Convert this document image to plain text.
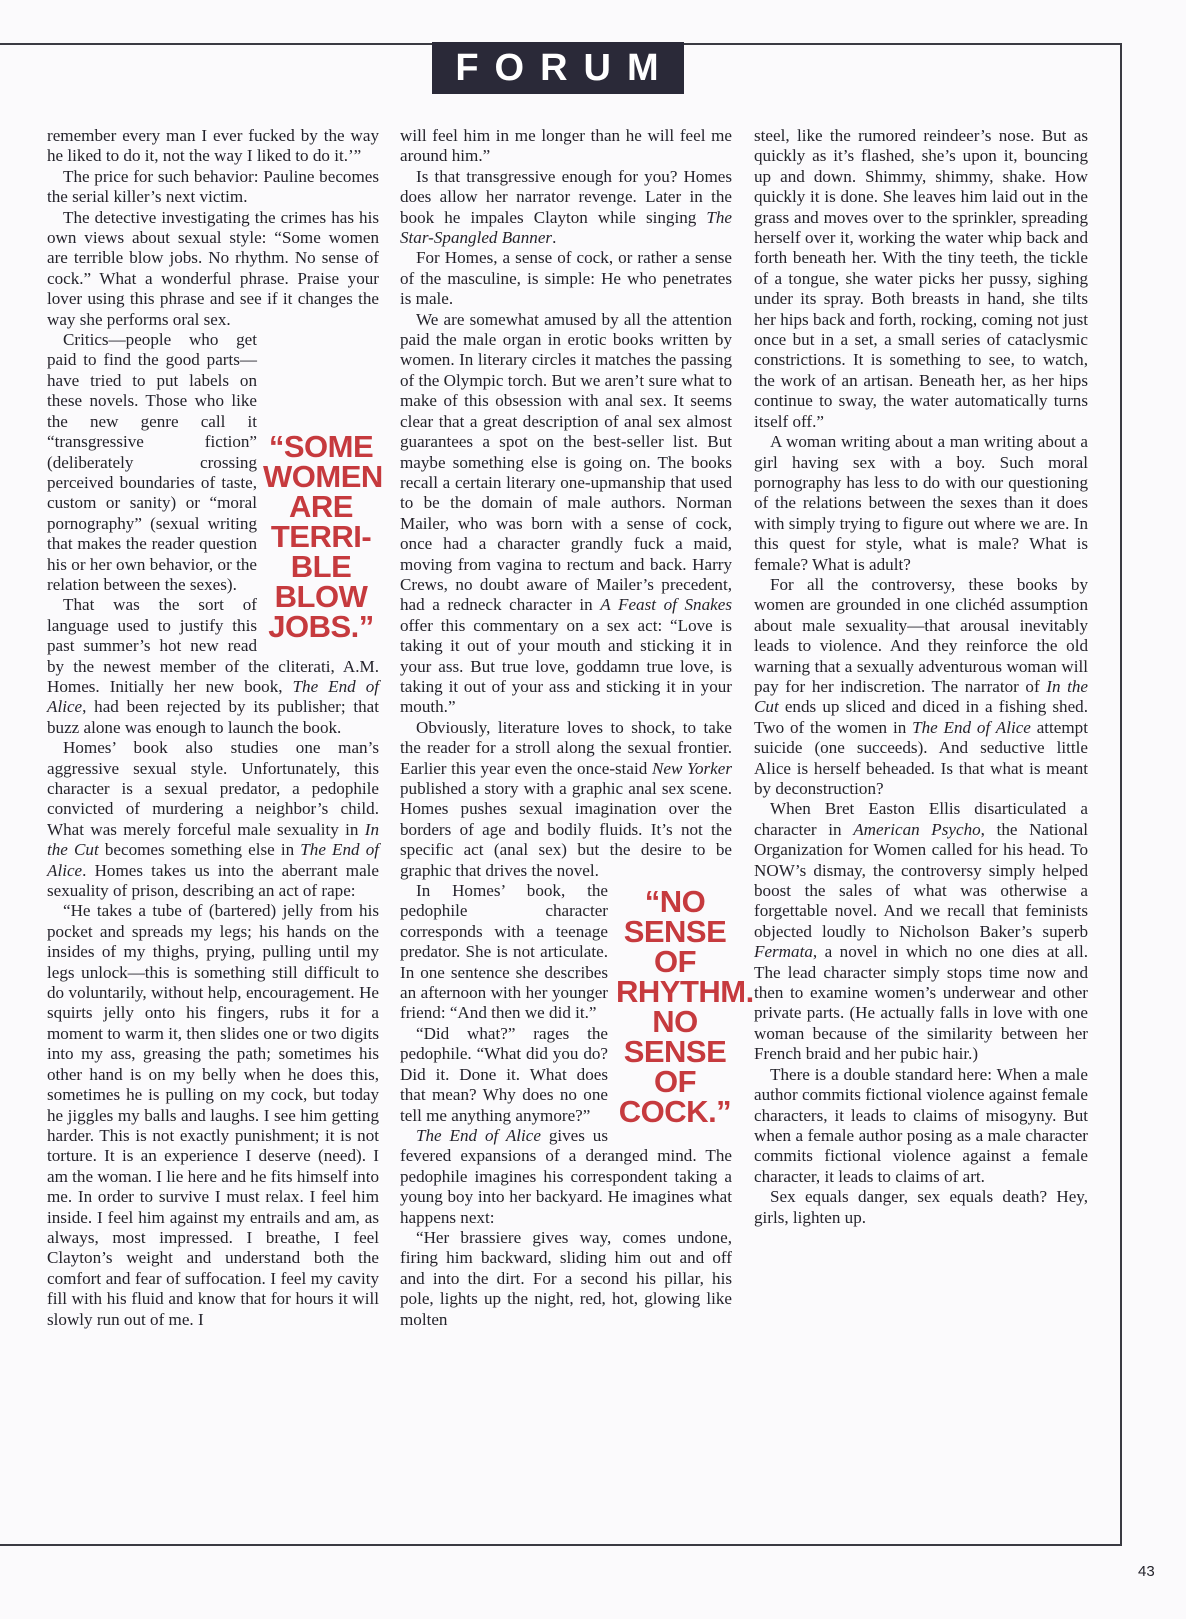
FORUM

remember every man I ever fucked by the way he liked to do it, not the way I liked to do it.’”

The price for such behavior: Pauline becomes the serial killer’s next victim.

The detective investigating the crimes has his own views about sexual style: “Some women are terrible blow jobs. No rhythm. No sense of cock.” What a wonderful phrase. Praise your lover using this phrase and see if it changes the way she performs oral sex.

“SOME
WOMEN
ARE
TERRI-
BLE
BLOW
JOBS.”

Critics—people who get paid to find the good parts—have tried to put labels on these novels. Those who like the new genre call it “transgressive fiction” (deliberately crossing perceived boundaries of taste, custom or sanity) or “moral pornography” (sexual writing that makes the reader question his or her own behavior, or the relation between the sexes).

That was the sort of language used to justify this past summer’s hot new read by the newest member of the cliterati, A.M. Homes. Initially her new book, The End of Alice, had been rejected by its publisher; that buzz alone was enough to launch the book.

Homes’ book also studies one man’s aggressive sexual style. Unfortunately, this character is a sexual predator, a pedophile convicted of murdering a neighbor’s child. What was merely forceful male sexuality in In the Cut becomes something else in The End of Alice. Homes takes us into the aberrant male sexuality of prison, describing an act of rape:

“He takes a tube of (bartered) jelly from his pocket and spreads my legs; his hands on the insides of my thighs, prying, pulling until my legs unlock—this is something still difficult to do voluntarily, without help, encouragement. He squirts jelly onto his fingers, rubs it for a moment to warm it, then slides one or two digits into my ass, greasing the path; sometimes his other hand is on my belly when he does this, sometimes he is pulling on my cock, but today he jiggles my balls and laughs. I see him getting harder. This is not exactly punishment; it is not torture. It is an experience I deserve (need). I am the woman. I lie here and he fits himself into me. In order to survive I must relax. I feel him inside. I feel him against my entrails and am, as always, most impressed. I breathe, I feel Clayton’s weight and understand both the comfort and fear of suffocation. I feel my cavity fill with his fluid and know that for hours it will slowly run out of me. I

will feel him in me longer than he will feel me around him.”

Is that transgressive enough for you? Homes does allow her narrator revenge. Later in the book he impales Clayton while singing The Star-Spangled Banner.

For Homes, a sense of cock, or rather a sense of the masculine, is simple: He who penetrates is male.

We are somewhat amused by all the attention paid the male organ in erotic books written by women. In literary circles it matches the passing of the Olympic torch. But we aren’t sure what to make of this obsession with anal sex. It seems clear that a great description of anal sex almost guarantees a spot on the best-seller list. But maybe something else is going on. The books recall a certain literary one-upmanship that used to be the domain of male authors. Norman Mailer, who was born with a sense of cock, once had a character grandly fuck a maid, moving from vagina to rectum and back. Harry Crews, no doubt aware of Mailer’s precedent, had a redneck character in A Feast of Snakes offer this commentary on a sex act: “Love is taking it out of your mouth and sticking it in your ass. But true love, goddamn true love, is taking it out of your ass and sticking it in your mouth.”

Obviously, literature loves to shock, to take the reader for a stroll along the sexual frontier. Earlier this year even the once-staid New Yorker published a story with a graphic anal sex scene. Homes pushes sexual imagination over the borders of age and bodily fluids. It’s not the specific act (anal sex) but the desire to be graphic that drives the novel.

“NO
SENSE
OF
RHYTHM.
NO
SENSE
OF
COCK.”

In Homes’ book, the pedophile character corresponds with a teenage predator. She is not articulate. In one sentence she describes an afternoon with her younger friend: “And then we did it.”

“Did what?” rages the pedophile. “What did you do? Did it. Done it. What does that mean? Why does no one tell me anything anymore?”

The End of Alice gives us fevered expansions of a deranged mind. The pedophile imagines his correspondent taking a young boy into her backyard. He imagines what happens next:

“Her brassiere gives way, comes undone, firing him backward, sliding him out and off and into the dirt. For a second his pillar, his pole, lights up the night, red, hot, glowing like molten

steel, like the rumored reindeer’s nose. But as quickly as it’s flashed, she’s upon it, bouncing up and down. Shimmy, shimmy, shake. How quickly it is done. She leaves him laid out in the grass and moves over to the sprinkler, spreading herself over it, working the water whip back and forth beneath her. With the tiny teeth, the tickle of a tongue, she water picks her pussy, sighing under its spray. Both breasts in hand, she tilts her hips back and forth, rocking, coming not just once but in a set, a small series of cataclysmic constrictions. It is something to see, to watch, the work of an artisan. Beneath her, as her hips continue to sway, the water automatically turns itself off.”

A woman writing about a man writing about a girl having sex with a boy. Such moral pornography has less to do with our questioning of the relations between the sexes than it does with simply trying to figure out where we are. In this quest for style, what is male? What is female? What is adult?

For all the controversy, these books by women are grounded in one clichéd assumption about male sexuality—that arousal inevitably leads to violence. And they reinforce the old warning that a sexually adventurous woman will pay for her indiscretion. The narrator of In the Cut ends up sliced and diced in a fishing shed. Two of the women in The End of Alice attempt suicide (one succeeds). And seductive little Alice is herself beheaded. Is that what is meant by deconstruction?

When Bret Easton Ellis disarticulated a character in American Psycho, the National Organization for Women called for his head. To NOW’s dismay, the controversy simply helped boost the sales of what was otherwise a forgettable novel. And we recall that feminists objected loudly to Nicholson Baker’s superb Fermata, a novel in which no one dies at all. The lead character simply stops time now and then to examine women’s underwear and other private parts. (He actually falls in love with one woman because of the similarity between her French braid and her pubic hair.)

There is a double standard here: When a male author commits fictional violence against female characters, it leads to claims of misogyny. But when a female author posing as a male character commits fictional violence against a female character, it leads to claims of art.

Sex equals danger, sex equals death? Hey, girls, lighten up.

43
